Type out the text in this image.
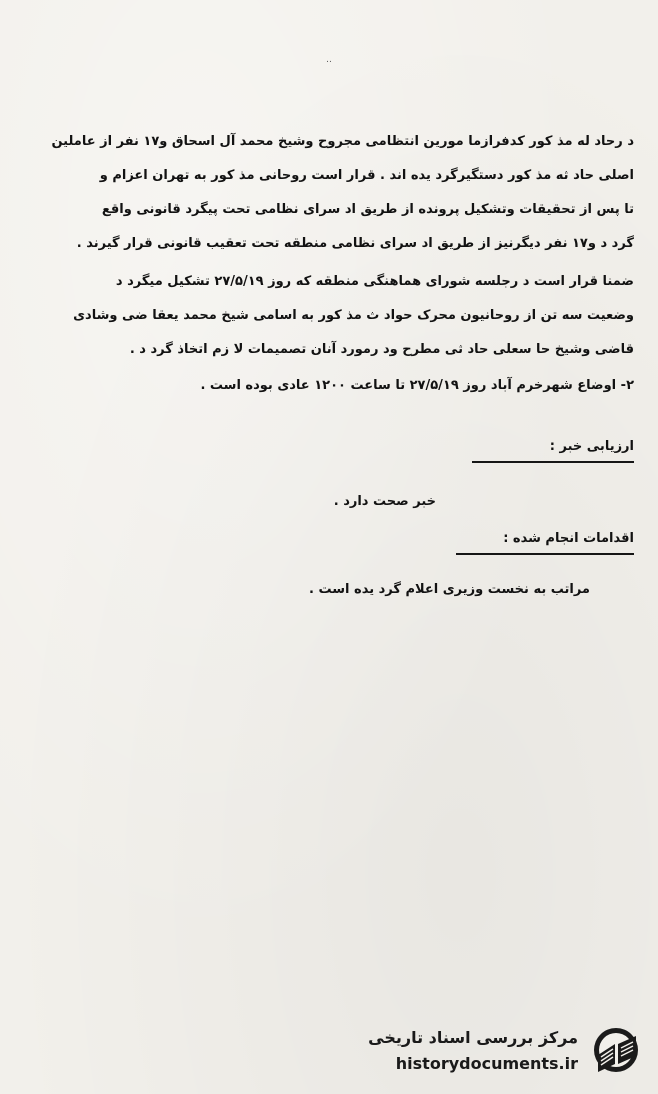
..
د رحاد له مذ کور کدفرازما مورین انتظامی مجروح وشیخ محمد آل اسحاق و۱۷ نفر از عاملین
اصلی حاد ثه مذ کور دستگیرگرد یده اند . قرار است روحانی مذ کور به تهران اعزام و
تا پس از تحقیقات وتشکیل پرونده از طریق اد سرای نظامی تحت پیگرد قانونی واقع
گرد د و۱۷ نفر دیگرنیز از طریق اد سرای نظامی منطقه تحت تعقیب قانونی قرار گیرند .
ضمنا قرار است د رجلسه شورای هماهنگی منطقه که روز ۲۷/۵/۱۹ تشکیل میگرد د
وضعیت سه تن از روحانیون محرک حواد ث مذ کور به اسامی شیخ محمد یعقا ضی وشادی
قاضی وشیخ حا سعلی حاد ثی مطرح ود رمورد آنان تصمیمات لا زم اتخاذ گرد د .
۲- اوضاع شهرخرم آباد روز ۲۷/۵/۱۹ تا ساعت ۱۲۰۰ عادی بوده است .
ارزیابی خبر :
خبر صحت دارد .
اقدامات انجام شده :
مراتب به نخست وزیری اعلام گرد یده است .
مرکز بررسی اسناد تاریخی
historydocuments.ir
